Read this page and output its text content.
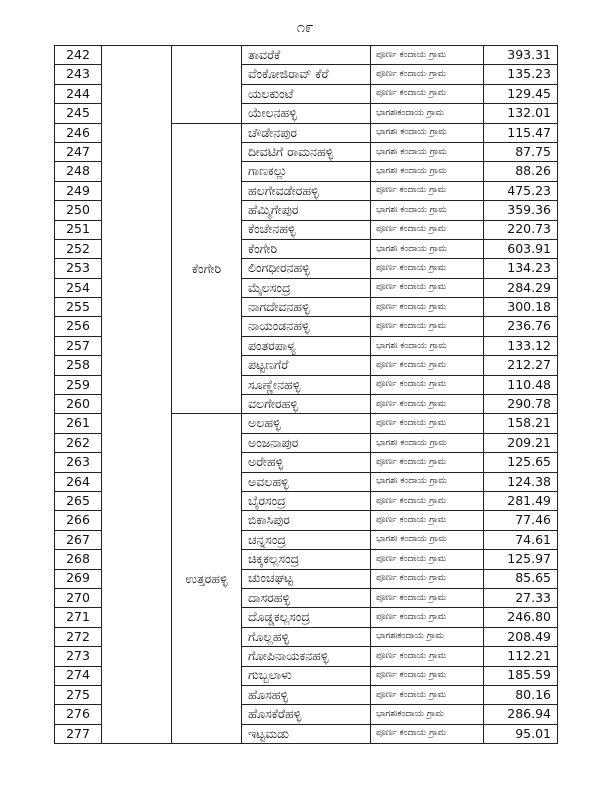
೧೯
242			ತಾವರೆಕೆ	ಪೂರ್ಣ ಕಂದಾಯ ಗ್ರಾಮ	393.31
243			ವೆಂಕೋಜಿರಾವ್ ಕೆರೆ	ಪೂರ್ಣ ಕಂದಾಯ ಗ್ರಾಮ	135.23
244			ಯಲಕುಂಟೆ	ಪೂರ್ಣ ಕಂದಾಯ ಗ್ರಾಮ	129.45
245			ಯೇಲನಹಳ್ಳಿ	ಭಾಗಶಃಕಂದಾಯ ಗ್ರಾಮ	132.01
246		ಕೆಂಗೇರಿ	ಚೌಡೇನಪುರ	ಭಾಗಶಃ ಕಂದಾಯ ಗ್ರಾಮ	115.47
247			ದೀವಟಿಗೆ ರಾಮನಹಳ್ಳಿ	ಭಾಗಶಃ ಕಂದಾಯ ಗ್ರಾಮ	87.75
248			ಗಾಣಕಲ್ಲು	ಭಾಗಶಃ ಕಂದಾಯ ಗ್ರಾಮ	88.26
249			ಹಲಗೇವಡೇರಹಳ್ಳಿ	ಪೂರ್ಣ ಕಂದಾಯ ಗ್ರಾಮ	475.23
250			ಹೆಮ್ಮಿಗೇಪುರ	ಭಾಗಶಃ ಕಂದಾಯ ಗ್ರಾಮ	359.36
251			ಕೆಂಚೇನಹಳ್ಳಿ	ಪೂರ್ಣ ಕಂದಾಯ ಗ್ರಾಮ	220.73
252			ಕೆಂಗೇರಿ	ಭಾಗಶಃ ಕಂದಾಯ ಗ್ರಾಮ	603.91
253			ಲಿಂಗಧೀರನಹಳ್ಳಿ	ಪೂರ್ಣ ಕಂದಾಯ ಗ್ರಾಮ	134.23
254			ಮೈಲಸಂದ್ರ	ಪೂರ್ಣ ಕಂದಾಯ ಗ್ರಾಮ	284.29
255			ನಾಗದೇವನಹಳ್ಳಿ	ಪೂರ್ಣ ಕಂದಾಯ ಗ್ರಾಮ	300.18
256			ನಾಯಂಡನಹಳ್ಳಿ	ಪೂರ್ಣ ಕಂದಾಯ ಗ್ರಾಮ	236.76
257			ಪಂತರಪಾಳ್ಯ	ಭಾಗಶಃ ಕಂದಾಯ ಗ್ರಾಮ	133.12
258			ಪಟ್ಟಣಗೆರೆ	ಪೂರ್ಣ ಕಂದಾಯ ಗ್ರಾಮ	212.27
259			ಸೂಣ್ಣೇನಹಳ್ಳಿ	ಪೂರ್ಣ ಕಂದಾಯ ಗ್ರಾಮ	110.48
260			ವಲಗೇರಹಳ್ಳಿ	ಪೂರ್ಣ ಕಂದಾಯ ಗ್ರಾಮ	290.78
261		ಉತ್ತರಹಳ್ಳಿ	ಅಲಹಳ್ಳಿ	ಪೂರ್ಣ ಕಂದಾಯ ಗ್ರಾಮ	158.21
262			ಅಂಜನಾಪುರ	ಭಾಗಶಃ ಕಂದಾಯ ಗ್ರಾಮ	209.21
263			ಅರೇಹಳ್ಳಿ	ಪೂರ್ಣ ಕಂದಾಯ ಗ್ರಾಮ	125.65
264			ಅವಲಹಳ್ಳಿ	ಭಾಗಶಃ ಕಂದಾಯ ಗ್ರಾಮ	124.38
265			ಬೈರಸಂದ್ರ	ಪೂರ್ಣ ಕಂದಾಯ ಗ್ರಾಮ	281.49
266			ಬಿಕಾಸಿಪುರ	ಪೂರ್ಣ ಕಂದಾಯ ಗ್ರಾಮ	77.46
267			ಚನ್ನಸಂದ್ರ	ಭಾಗಶಃ ಕಂದಾಯ ಗ್ರಾಮ	74.61
268			ಚಿಕ್ಕಕಲ್ಲಸಂದ್ರ	ಪೂರ್ಣ ಕಂದಾಯ ಗ್ರಾಮ	125.97
269			ಚುಂಚಘಟ್ಟ	ಪೂರ್ಣ ಕಂದಾಯ ಗ್ರಾಮ	85.65
270			ದಾಸರಹಳ್ಳಿ	ಪೂರ್ಣ ಕಂದಾಯ ಗ್ರಾಮ	27.33
271			ದೊಡ್ಡಕಲ್ಲಸಂದ್ರ	ಪೂರ್ಣ ಕಂದಾಯ ಗ್ರಾಮ	246.80
272			ಗೊಲ್ಲಹಳ್ಳಿ	ಭಾಗಶಃಕಂದಾಯ ಗ್ರಾಮ	208.49
273			ಗೋಪಿನಾಯಕನಹಳ್ಳಿ	ಪೂರ್ಣ ಕಂದಾಯ ಗ್ರಾಮ	112.21
274			ಗುಬ್ಬಲಾಳು	ಪೂರ್ಣ ಕಂದಾಯ ಗ್ರಾಮ	185.59
275			ಹೊಸಹಳ್ಳಿ	ಪೂರ್ಣ ಕಂದಾಯ ಗ್ರಾಮ	80.16
276			ಹೊಸಕೆರೆಹಳ್ಳಿ	ಭಾಗಶಃಕಂದಾಯ ಗ್ರಾಮ	286.94
277			ಇಟ್ಟಮಡು	ಪೂರ್ಣ ಕಂದಾಯ ಗ್ರಾಮ	95.01
